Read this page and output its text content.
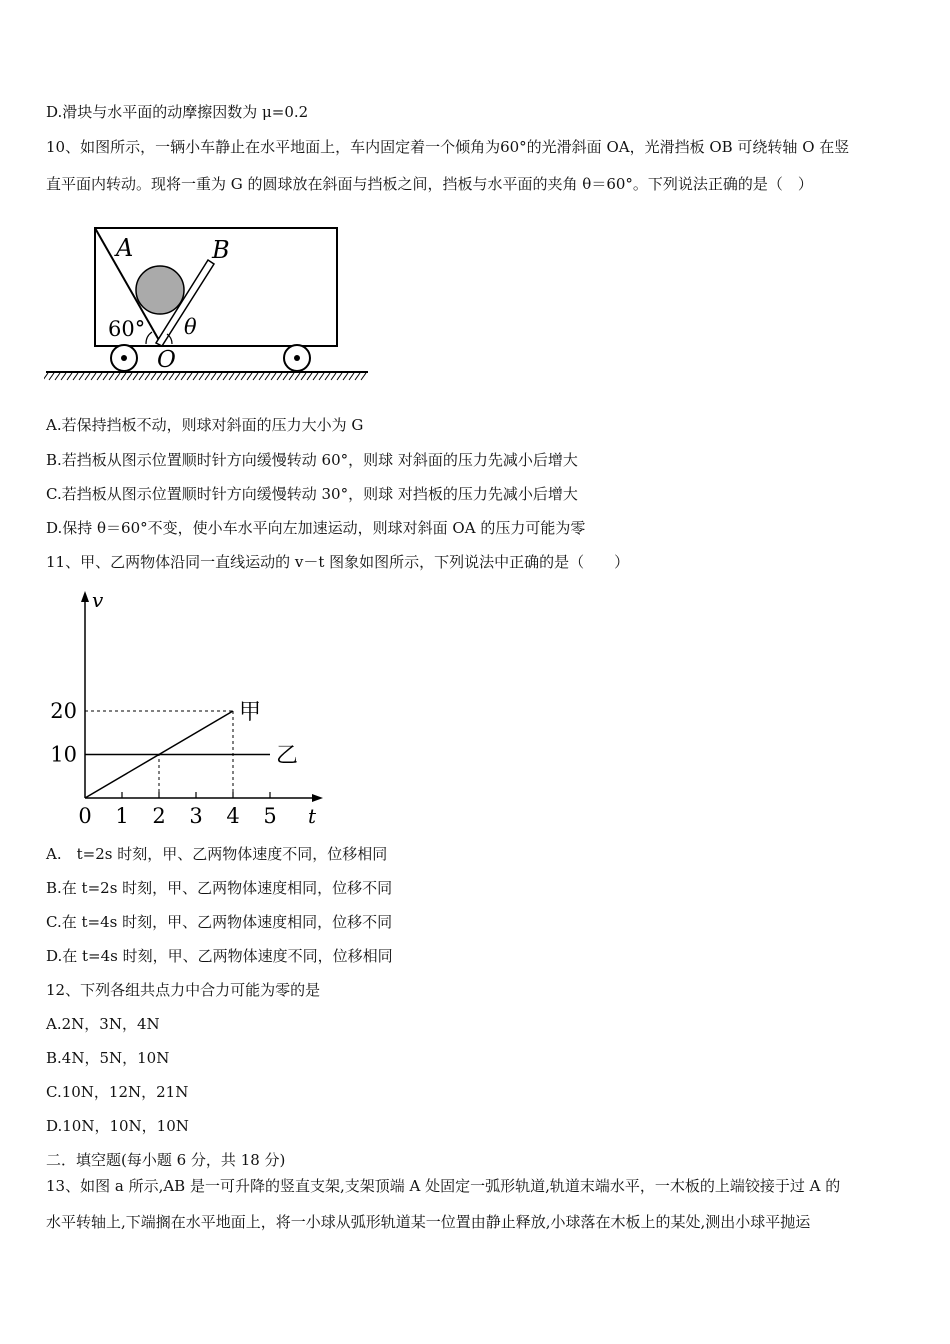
D.滑块与水平面的动摩擦因数为 μ=0.2
10、如图所示，一辆小车静止在水平地面上，车内固定着一个倾角为60°的光滑斜面 OA，光滑挡板 OB 可绕转轴 O 在竖
直平面内转动。现将一重为 G 的圆球放在斜面与挡板之间，挡板与水平面的夹角 θ＝60°。下列说法正确的是（　）
A	B
60° θ
O
A.若保持挡板不动，则球对斜面的压力大小为 G
B.若挡板从图示位置顺时针方向缓慢转动 60°，则球 对斜面的压力先减小后增大
C.若挡板从图示位置顺时针方向缓慢转动 30°，则球 对挡板的压力先减小后增大
D.保持 θ＝60°不变，使小车水平向左加速运动，则球对斜面 OA 的压力可能为零
11、甲、乙两物体沿同一直线运动的 v－t 图象如图所示，下列说法中正确的是（　　）
v
t
0 1 2 3 4 5
10
20	甲
乙
A.　t=2s 时刻，甲、乙两物体速度不同，位移相同
B.在 t=2s 时刻，甲、乙两物体速度相同，位移不同
C.在 t=4s 时刻，甲、乙两物体速度相同，位移不同
D.在 t=4s 时刻，甲、乙两物体速度不同，位移相同
12、下列各组共点力中合力可能为零的是
A.2N，3N，4N
B.4N，5N，10N
C.10N，12N，21N
D.10N，10N，10N
二．填空题(每小题 6 分，共 18 分)
13、如图 a 所示,AB 是一可升降的竖直支架,支架顶端 A 处固定一弧形轨道,轨道末端水平，一木板的上端铰接于过 A 的
水平转轴上,下端搁在水平地面上，将一小球从弧形轨道某一位置由静止释放,小球落在木板上的某处,测出小球平抛运
